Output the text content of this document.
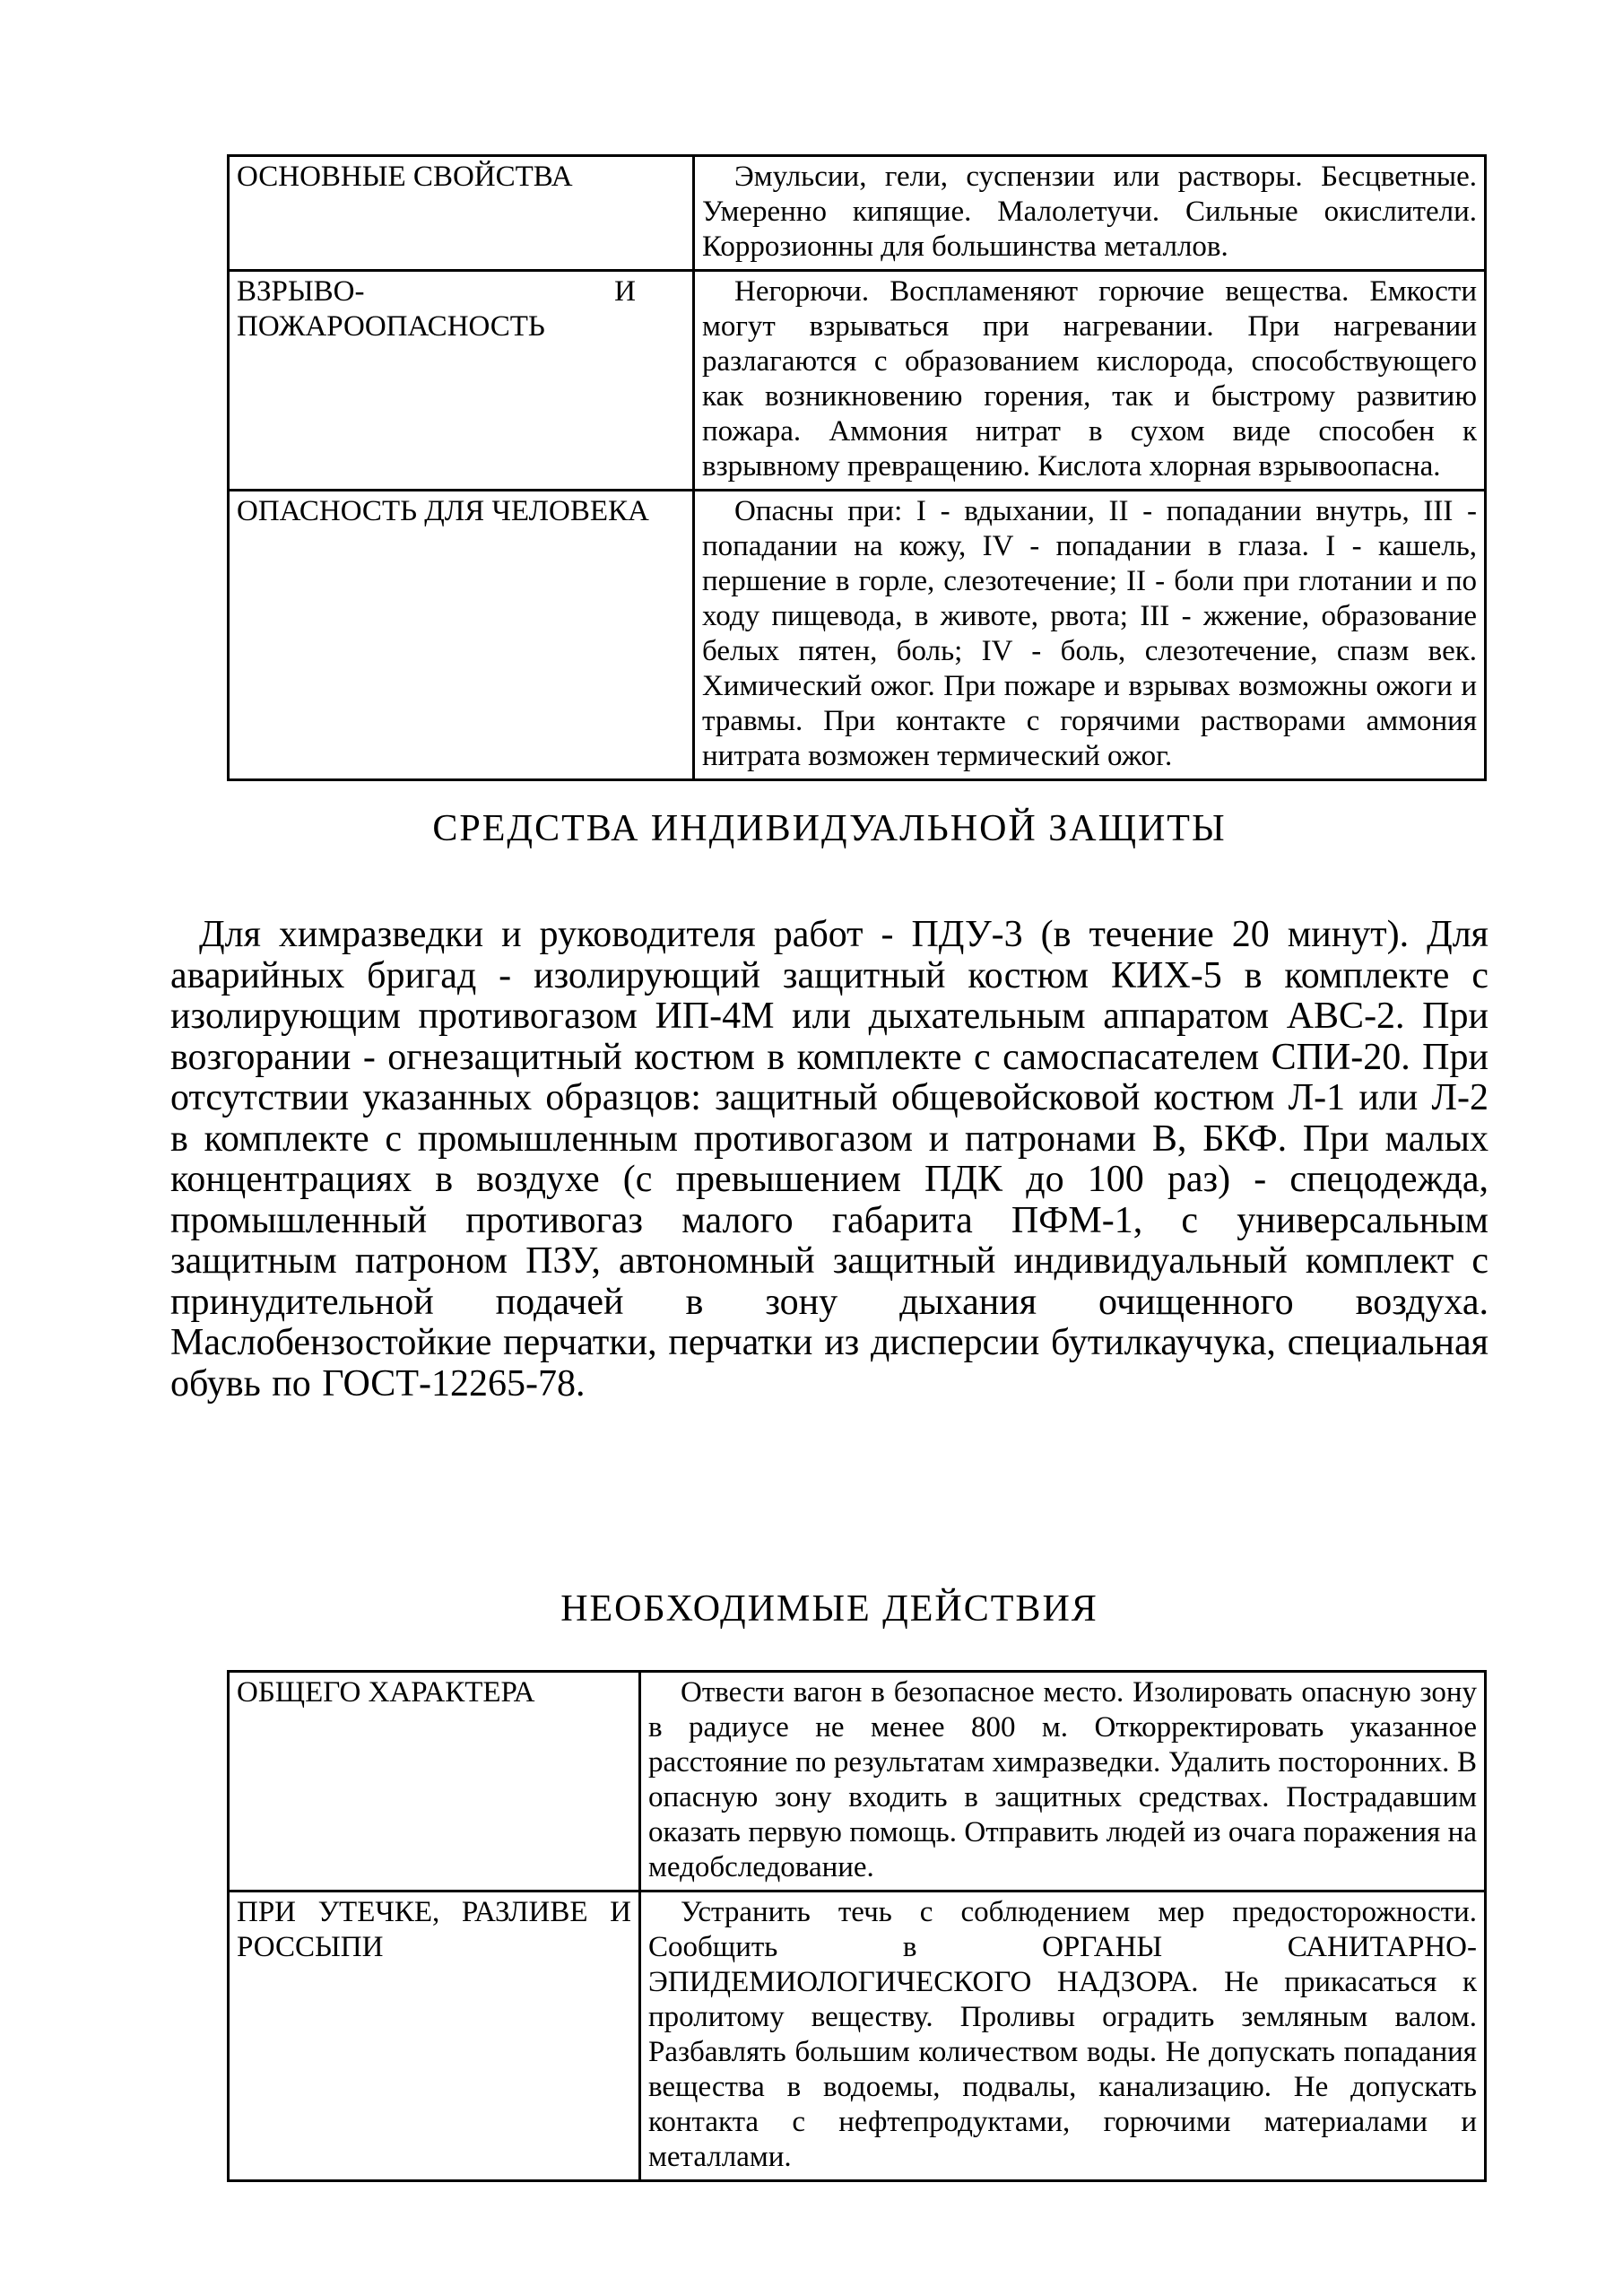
ОСНОВНЫЕ СВОЙСТВА	Эмульсии, гели, суспензии или растворы. Бесцветные. Умеренно кипящие. Малолетучи. Сильные окислители. Коррозионны для большинства металлов.

ВЗРЫВО- И ПОЖАРООПАСНОСТЬ	Негорючи. Воспламеняют горючие вещества. Емкости могут взрываться при нагревании. При нагревании разлагаются с образованием кислорода, способствующего как возникновению горения, так и быстрому развитию пожара. Аммония нитрат в сухом виде способен к взрывному превращению. Кислота хлорная взрывоопасна.
ОПАСНОСТЬ ДЛЯ ЧЕЛОВЕКА	Опасны при: I - вдыхании, II - попадании внутрь, III - попадании на кожу, IV - попадании в глаза. I - кашель, першение в горле, слезотечение; II - боли при глотании и по ходу пищевода, в животе, рвота; III - жжение, образование белых пятен, боль; IV - боль, слезотечение, спазм век. Химический ожог. При пожаре и взрывах возможны ожоги и травмы. При контакте с горячими растворами аммония нитрата возможен термический ожог.
СРЕДСТВА ИНДИВИДУАЛЬНОЙ ЗАЩИТЫ

Для химразведки и руководителя работ - ПДУ-3 (в течение 20 минут). Для аварийных бригад - изолирующий защитный костюм КИХ-5 в комплекте с изолирующим противогазом ИП-4М или дыхательным аппаратом АВС-2. При возгорании - огнезащитный костюм в комплекте с самоспасателем СПИ-20. При отсутствии указанных образцов: защитный общевойсковой костюм Л-1 или Л-2 в комплекте с промышленным противогазом и патронами В, БКФ. При малых концентрациях в воздухе (с превышением ПДК до 100 раз) - спецодежда, промышленный противогаз малого габарита ПФМ-1, с универсальным защитным патроном ПЗУ, автономный защитный индивидуальный комплект с принудительной подачей в зону дыхания очищенного воздуха. Маслобензостойкие перчатки, перчатки из дисперсии бутилкаучука, специальная обувь по ГОСТ-12265-78.

НЕОБХОДИМЫЕ ДЕЙСТВИЯ
ОБЩЕГО ХАРАКТЕРА	Отвести вагон в безопасное место. Изолировать опасную зону в радиусе не менее 800 м. Откорректировать указанное расстояние по результатам химразведки. Удалить посторонних. В опасную зону входить в защитных средствах. Пострадавшим оказать первую помощь. Отправить людей из очага поражения на медобследование.
ПРИ УТЕЧКЕ, РАЗЛИВЕ И РОССЫПИ	Устранить течь с соблюдением мер предосторожности. Сообщить в ОРГАНЫ САНИТАРНО-ЭПИДЕМИОЛОГИЧЕСКОГО НАДЗОРА. Не прикасаться к пролитому веществу. Проливы оградить земляным валом. Разбавлять большим количеством воды. Не допускать попадания вещества в водоемы, подвалы, канализацию. Не допускать контакта с нефтепродуктами, горючими материалами и металлами.
